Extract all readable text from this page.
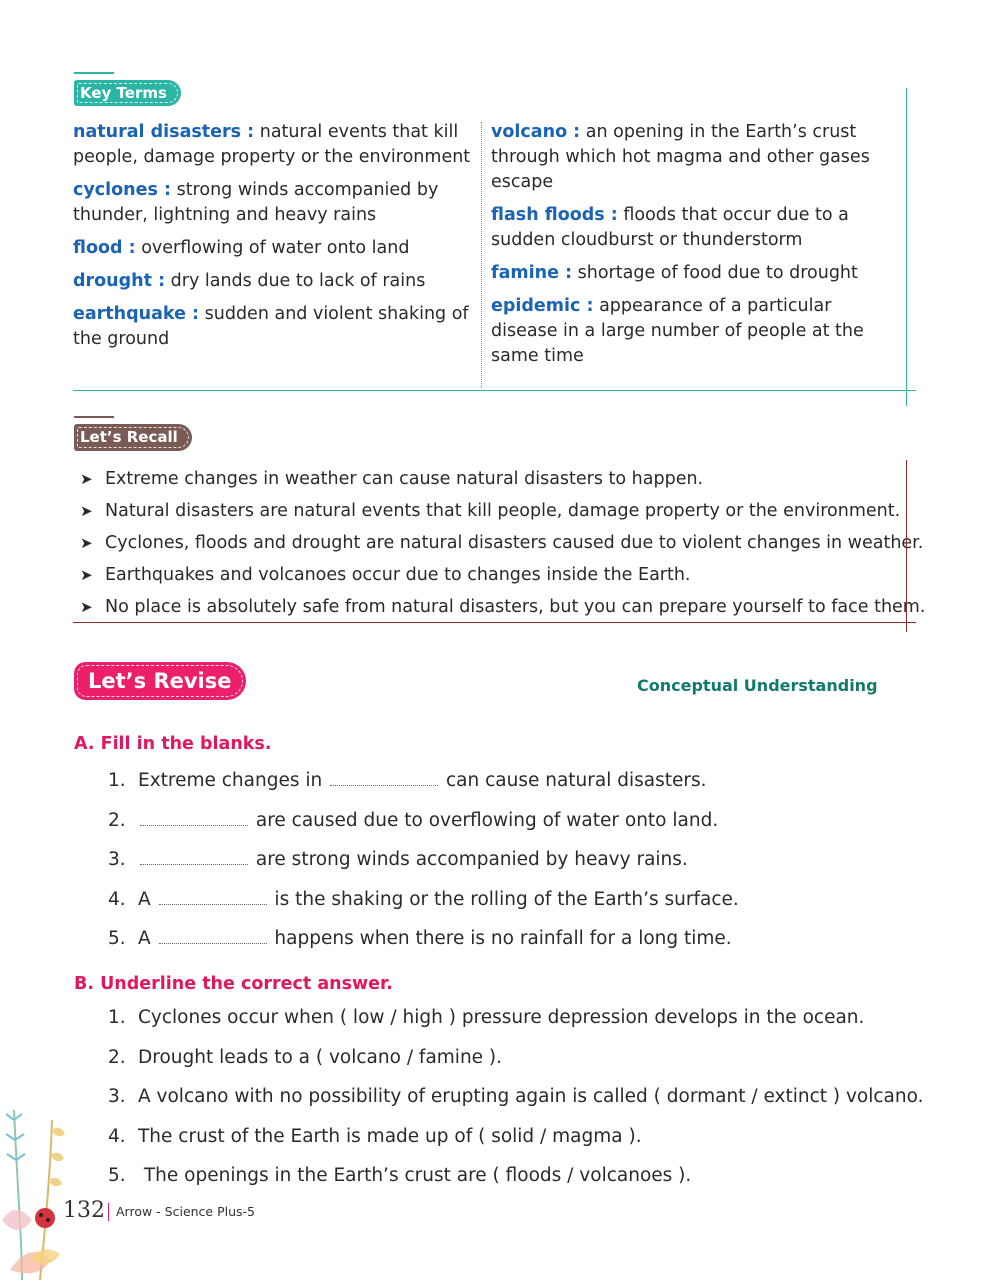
Key Terms

natural disasters : natural events that kill people, damage property or the environment

cyclones : strong winds accompanied by thunder, lightning and heavy rains

flood : overflowing of water onto land

drought : dry lands due to lack of rains

earthquake : sudden and violent shaking of the ground

volcano : an opening in the Earth’s crust through which hot magma and other gases escape

flash floods : floods that occur due to a sudden cloudburst or thunderstorm

famine : shortage of food due to drought

epidemic : appearance of a particular disease in a large number of people at the same time

Let’s Recall
➤ Extreme changes in weather can cause natural disasters to happen.
➤ Natural disasters are natural events that kill people, damage property or the environment.
➤ Cyclones, floods and drought are natural disasters caused due to violent changes in weather.
➤ Earthquakes and volcanoes occur due to changes inside the Earth.
➤ No place is absolutely safe from natural disasters, but you can prepare yourself to face them.
Let’s Revise	Conceptual Understanding
A. Fill in the blanks.
1. Extreme changes in	can cause natural disasters.
2.	are caused due to overflowing of water onto land.
3.	are strong winds accompanied by heavy rains.
4. A	is the shaking or the rolling of the Earth’s surface.
5. A	happens when there is no rainfall for a long time.
B. Underline the correct answer.
1. Cyclones occur when ( low / high ) pressure depression develops in the ocean.
2. Drought leads to a ( volcano / famine ).
3. A volcano with no possibility of erupting again is called ( dormant / extinct ) volcano.
4. The crust of the Earth is made up of ( solid / magma ).
5. The openings in the Earth’s crust are ( floods / volcanoes ).
132 Arrow - Science Plus-5
